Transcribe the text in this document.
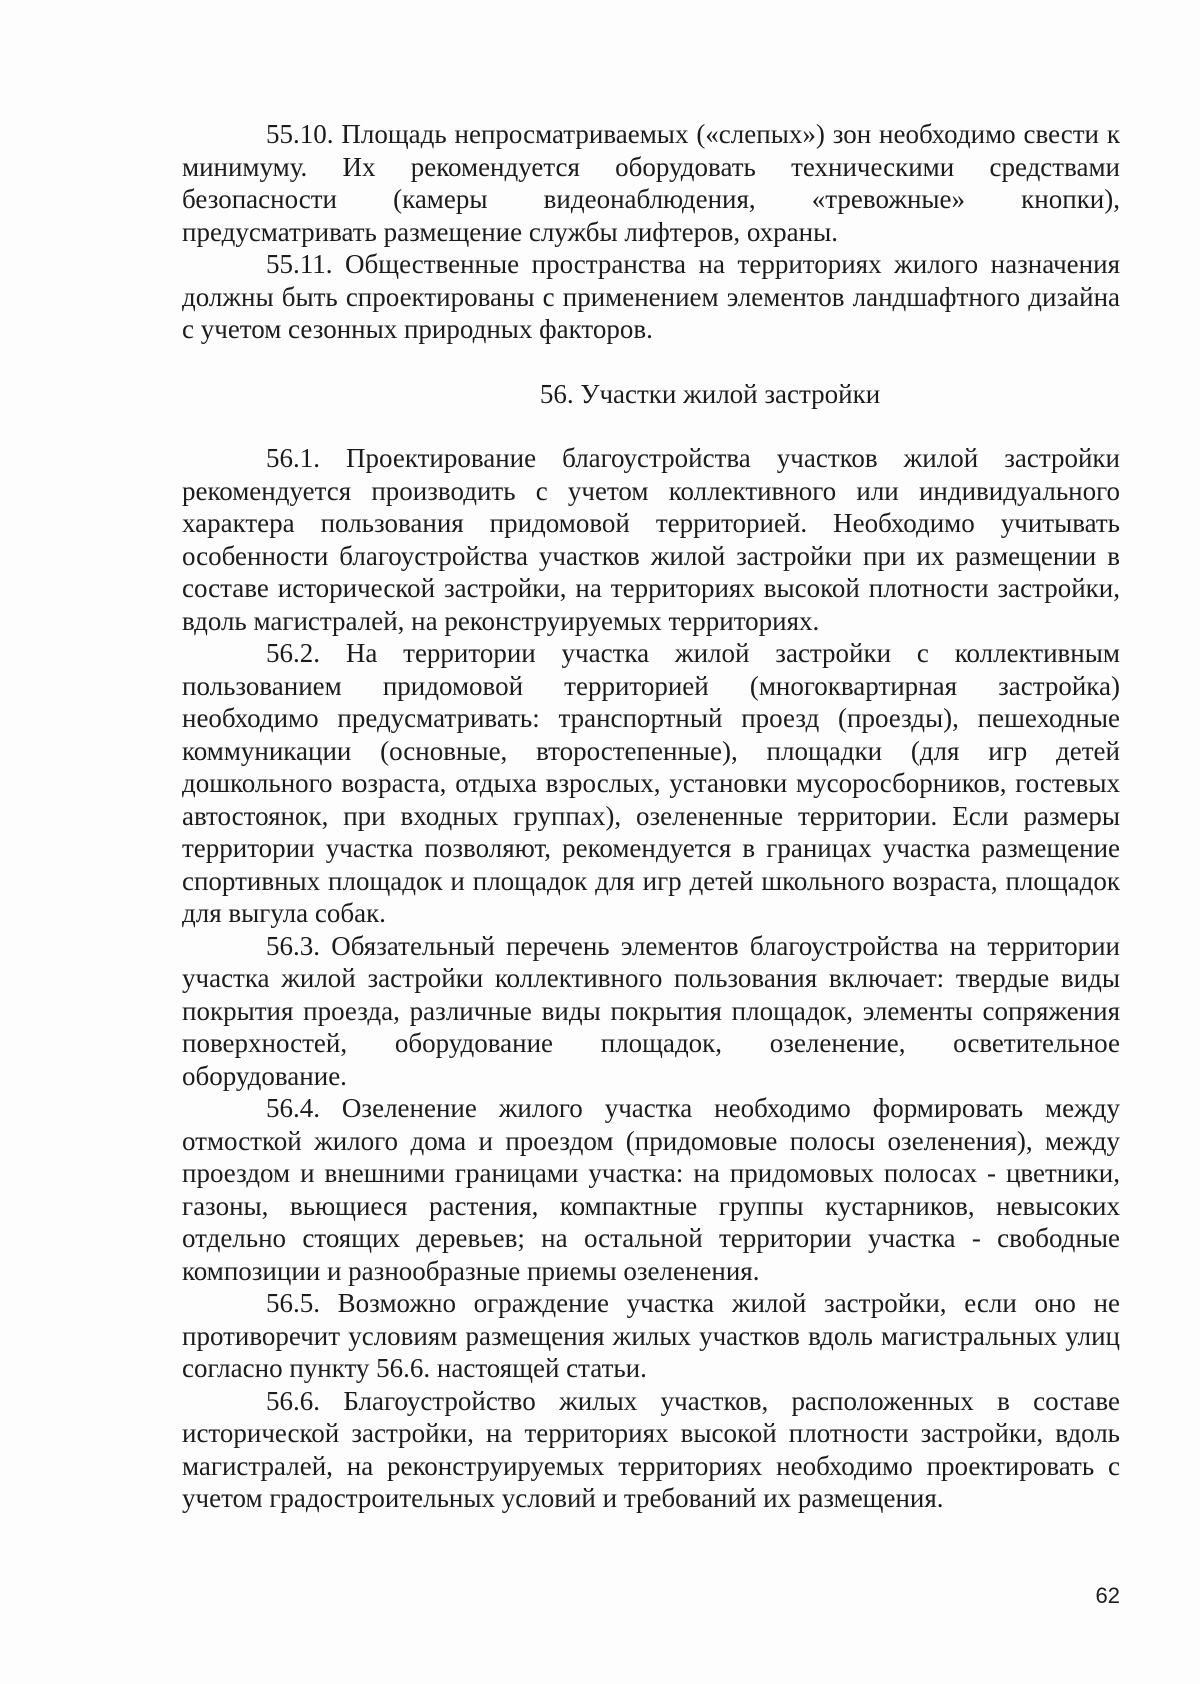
55.10. Площадь непросматриваемых («слепых») зон необходимо свести к минимуму. Их рекомендуется оборудовать техническими средствами безопасности (камеры видеонаблюдения, «тревожные» кнопки), предусматривать размещение службы лифтеров, охраны.

55.11. Общественные пространства на территориях жилого назначения должны быть спроектированы с применением элементов ландшафтного дизайна с учетом сезонных природных факторов.

56. Участки жилой застройки

56.1. Проектирование благоустройства участков жилой застройки рекомендуется производить с учетом коллективного или индивидуального характера пользования придомовой территорией. Необходимо учитывать особенности благоустройства участков жилой застройки при их размещении в составе исторической застройки, на территориях высокой плотности застройки, вдоль магистралей, на реконструируемых территориях.

56.2. На территории участка жилой застройки с коллективным пользованием придомовой территорией (многоквартирная застройка) необходимо предусматривать: транспортный проезд (проезды), пешеходные коммуникации (основные, второстепенные), площадки (для игр детей дошкольного возраста, отдыха взрослых, установки мусоросборников, гостевых автостоянок, при входных группах), озелененные территории. Если размеры территории участка позволяют, рекомендуется в границах участка размещение спортивных площадок и площадок для игр детей школьного возраста, площадок для выгула собак.

56.3. Обязательный перечень элементов благоустройства на территории участка жилой застройки коллективного пользования включает: твердые виды покрытия проезда, различные виды покрытия площадок, элементы сопряжения поверхностей, оборудование площадок, озеленение, осветительное оборудование.

56.4. Озеленение жилого участка необходимо формировать между отмосткой жилого дома и проездом (придомовые полосы озеленения), между проездом и внешними границами участка: на придомовых полосах - цветники, газоны, вьющиеся растения, компактные группы кустарников, невысоких отдельно стоящих деревьев; на остальной территории участка - свободные композиции и разнообразные приемы озеленения.

56.5. Возможно ограждение участка жилой застройки, если оно не противоречит условиям размещения жилых участков вдоль магистральных улиц согласно пункту 56.6. настоящей статьи.

56.6. Благоустройство жилых участков, расположенных в составе исторической застройки, на территориях высокой плотности застройки, вдоль магистралей, на реконструируемых территориях необходимо проектировать с учетом градостроительных условий и требований их размещения.

62
